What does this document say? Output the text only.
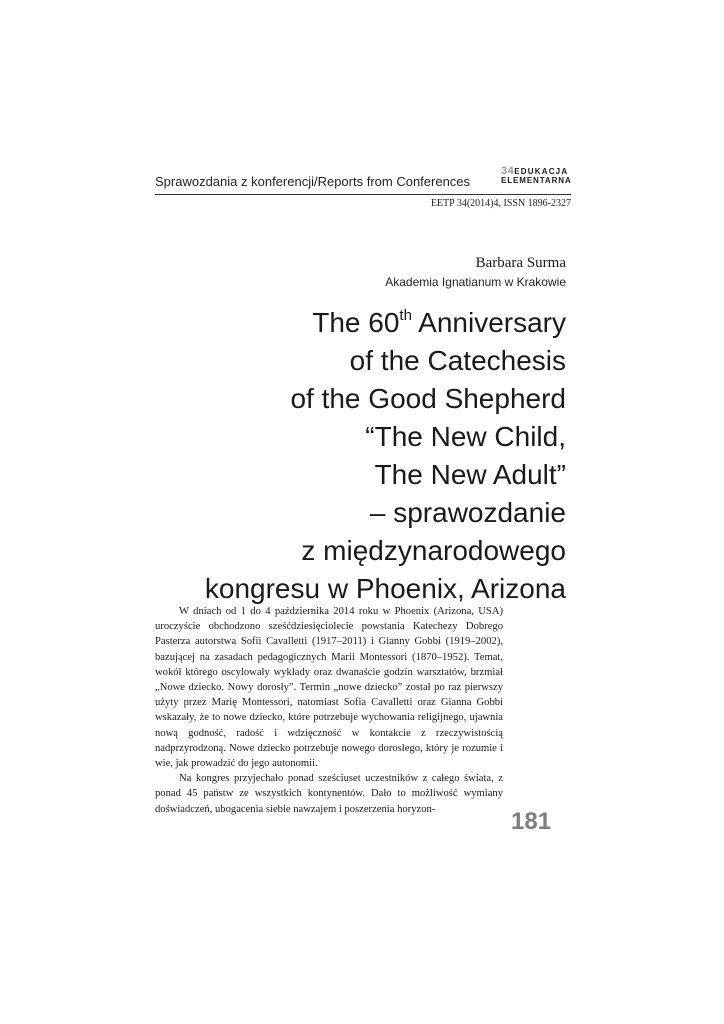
Sprawozdania z konferencji/Reports from Conferences
34EDUKACJA
ELEMENTARNA
EETP 34(2014)4, ISSN 1896-2327
Barbara Surma
Akademia Ignatianum w Krakowie
The 60th Anniversary
of the Catechesis
of the Good Shepherd
“The New Child,
The New Adult”
– sprawozdanie
z międzynarodowego
kongresu w Phoenix, Arizona

W dniach od 1 do 4 października 2014 roku w Phoenix (Arizona, USA) uroczyście obchodzono sześćdziesięciolecie powstania Katechezy Dobrego Pasterza autorstwa Sofii Cavalletti (1917–2011) i Gianny Gobbi (1919–2002), bazującej na zasadach pedagogicznych Marii Montessori (1870–1952). Temat, wokół którego oscylowały wykłady oraz dwanaście godzin warsztatów, brzmiał „Nowe dziecko. Nowy dorosły”. Termin „nowe dziecko” został po raz pierwszy użyty przez Marię Montessori, natomiast Sofia Cavalletti oraz Gianna Gobbi wskazały, że to nowe dziecko, które potrzebuje wychowania religijnego, ujawnia nową godność, radość i wdzięczność w kontakcie z rzeczywistością nadprzyrodzoną. Nowe dziecko potrzebuje nowego dorosłego, który je rozumie i wie, jak prowadzić do jego autonomii.

Na kongres przyjechało ponad sześciuset uczestników z całego świata, z ponad 45 państw ze wszystkich kontynentów. Dało to możliwość wymiany doświadczeń, ubogacenia siebie nawzajem i poszerzenia horyzon-	181
